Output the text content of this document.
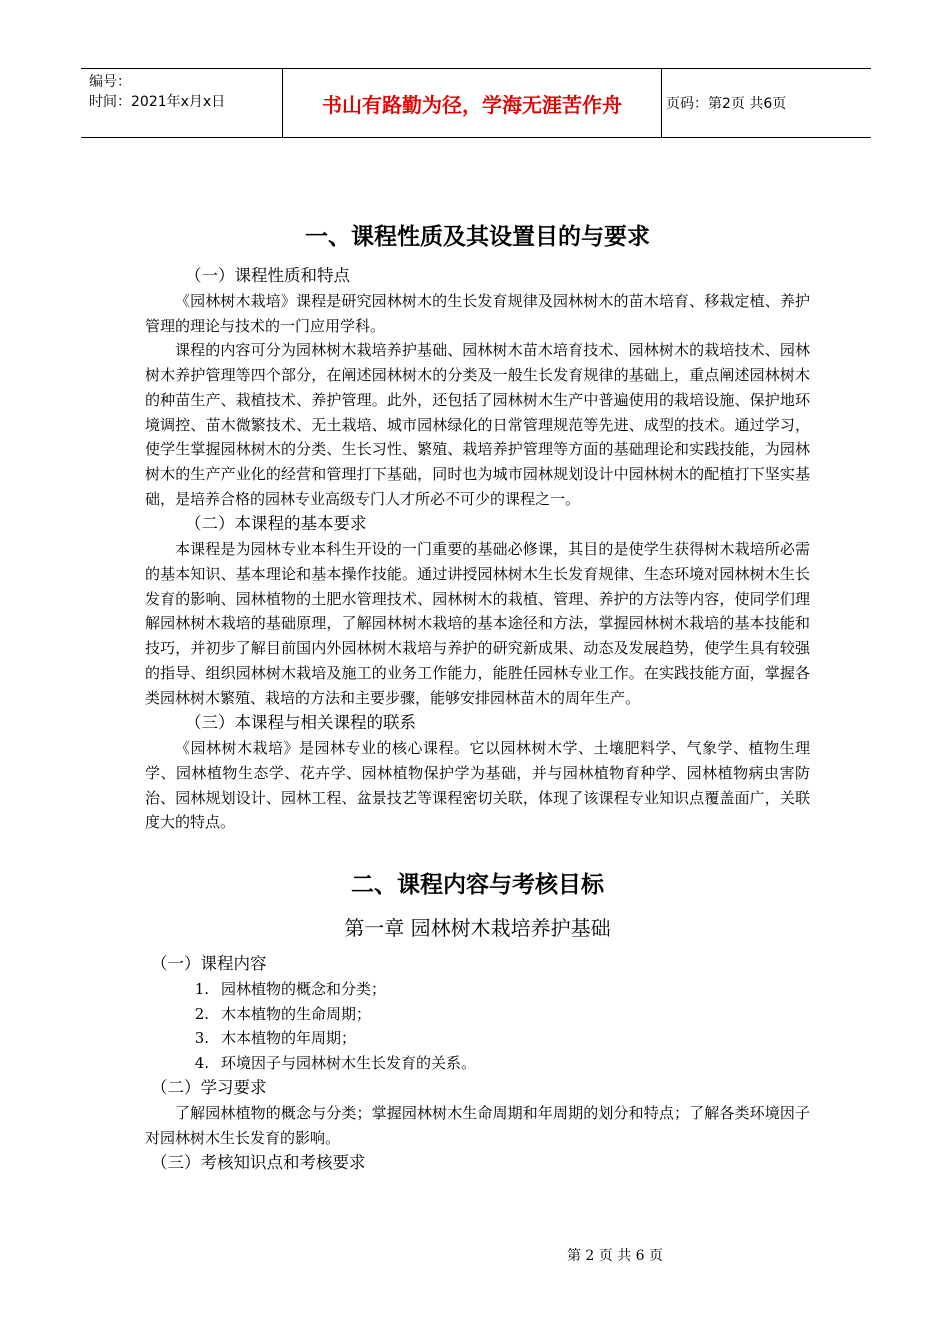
编号：
时间：2021年x月x日	书山有路勤为径，学海无涯苦作舟	页码：第2页 共6页
一、课程性质及其设置目的与要求
（一）课程性质和特点

《园林树木栽培》课程是研究园林树木的生长发育规律及园林树木的苗木培育、移栽定植、养护管理的理论与技术的一门应用学科。

课程的内容可分为园林树木栽培养护基础、园林树木苗木培育技术、园林树木的栽培技术、园林树木养护管理等四个部分，在阐述园林树木的分类及一般生长发育规律的基础上，重点阐述园林树木的种苗生产、栽植技术、养护管理。此外，还包括了园林树木生产中普遍使用的栽培设施、保护地环境调控、苗木微繁技术、无土栽培、城市园林绿化的日常管理规范等先进、成型的技术。通过学习，使学生掌握园林树木的分类、生长习性、繁殖、栽培养护管理等方面的基础理论和实践技能，为园林树木的生产产业化的经营和管理打下基础，同时也为城市园林规划设计中园林树木的配植打下坚实基础，是培养合格的园林专业高级专门人才所必不可少的课程之一。

（二）本课程的基本要求

本课程是为园林专业本科生开设的一门重要的基础必修课，其目的是使学生获得树木栽培所必需的基本知识、基本理论和基本操作技能。通过讲授园林树木生长发育规律、生态环境对园林树木生长发育的影响、园林植物的土肥水管理技术、园林树木的栽植、管理、养护的方法等内容，使同学们理解园林树木栽培的基础原理，了解园林树木栽培的基本途径和方法，掌握园林树木栽培的基本技能和技巧，并初步了解目前国内外园林树木栽培与养护的研究新成果、动态及发展趋势，使学生具有较强的指导、组织园林树木栽培及施工的业务工作能力，能胜任园林专业工作。在实践技能方面，掌握各类园林树木繁殖、栽培的方法和主要步骤，能够安排园林苗木的周年生产。

（三）本课程与相关课程的联系

《园林树木栽培》是园林专业的核心课程。它以园林树木学、土壤肥料学、气象学、植物生理学、园林植物生态学、花卉学、园林植物保护学为基础，并与园林植物育种学、园林植物病虫害防治、园林规划设计、园林工程、盆景技艺等课程密切关联，体现了该课程专业知识点覆盖面广，关联度大的特点。

二、课程内容与考核目标
第一章 园林树木栽培养护基础
（一）课程内容
1. 园林植物的概念和分类；
2. 木本植物的生命周期；
3. 木本植物的年周期；
4. 环境因子与园林树木生长发育的关系。
（二）学习要求

了解园林植物的概念与分类；掌握园林树木生命周期和年周期的划分和特点；了解各类环境因子对园林树木生长发育的影响。

（三）考核知识点和考核要求
第 2 页 共 6 页
